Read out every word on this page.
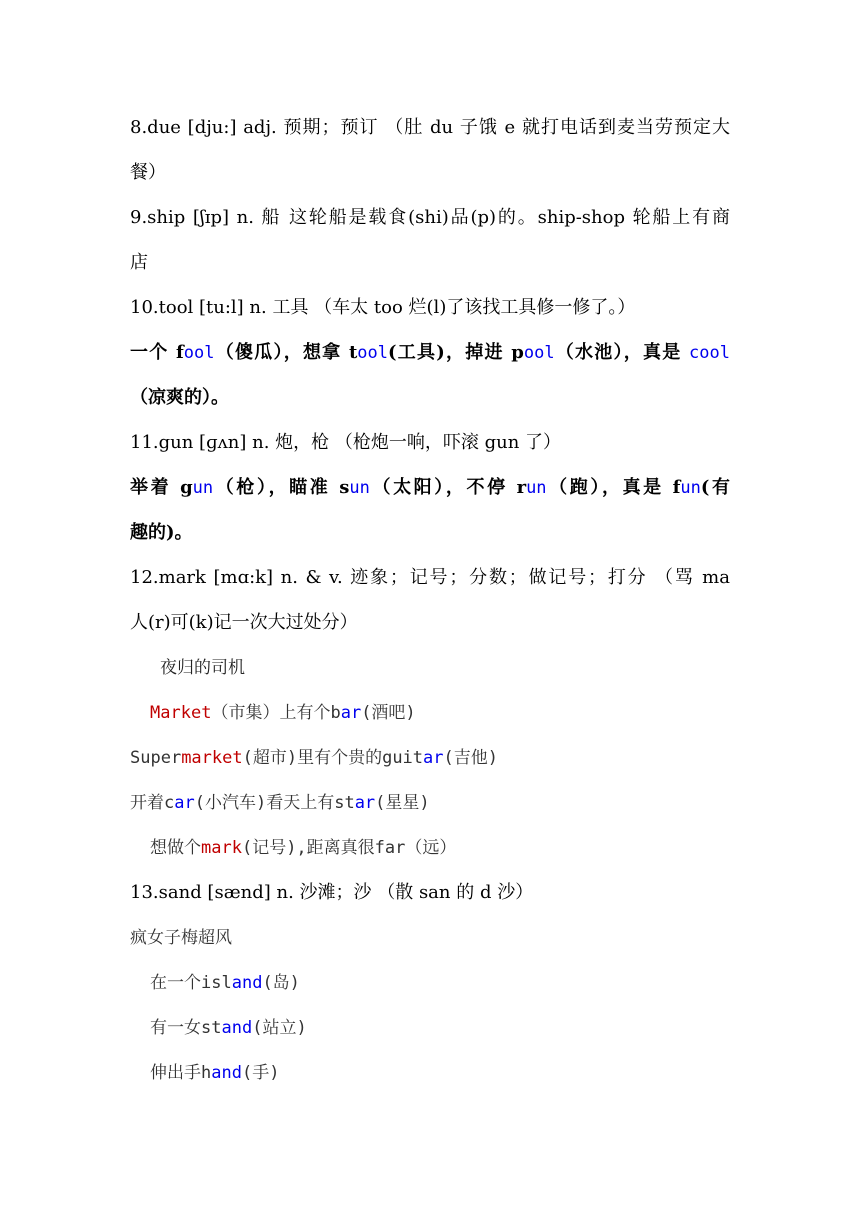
8.due [dju:] adj. 预期；预订 （肚 du 子饿 e 就打电话到麦当劳预定大
餐）
9.ship [ʃɪp] n. 船 这轮船是载食(shi)品(p)的。ship-shop 轮船上有商
店
10.tool [tu:l] n. 工具 （车太 too 烂(l)了该找工具修一修了。）
一个 fool（傻瓜），想拿 tool(工具)，掉进 pool（水池），真是 cool
（凉爽的）。
11.gun [ɡʌn] n. 炮，枪 （枪炮一响，吓滚 gun 了）
举着 gun（枪），瞄准 sun（太阳），不停 run（跑），真是 fun(有
趣的)。
12.mark [mɑ:k] n. & v. 迹象；记号；分数；做记号；打分 （骂 ma
人(r)可(k)记一次大过处分）
夜归的司机
Market（市集）上有个bar(酒吧)
Supermarket(超市)里有个贵的guitar(吉他)
开着car(小汽车)看天上有star(星星)
想做个mark(记号),距离真很far（远）
13.sand [sænd] n. 沙滩；沙 （散 san 的 d 沙）
疯女子梅超风
在一个island(岛)
有一女stand(站立)
伸出手hand(手)
